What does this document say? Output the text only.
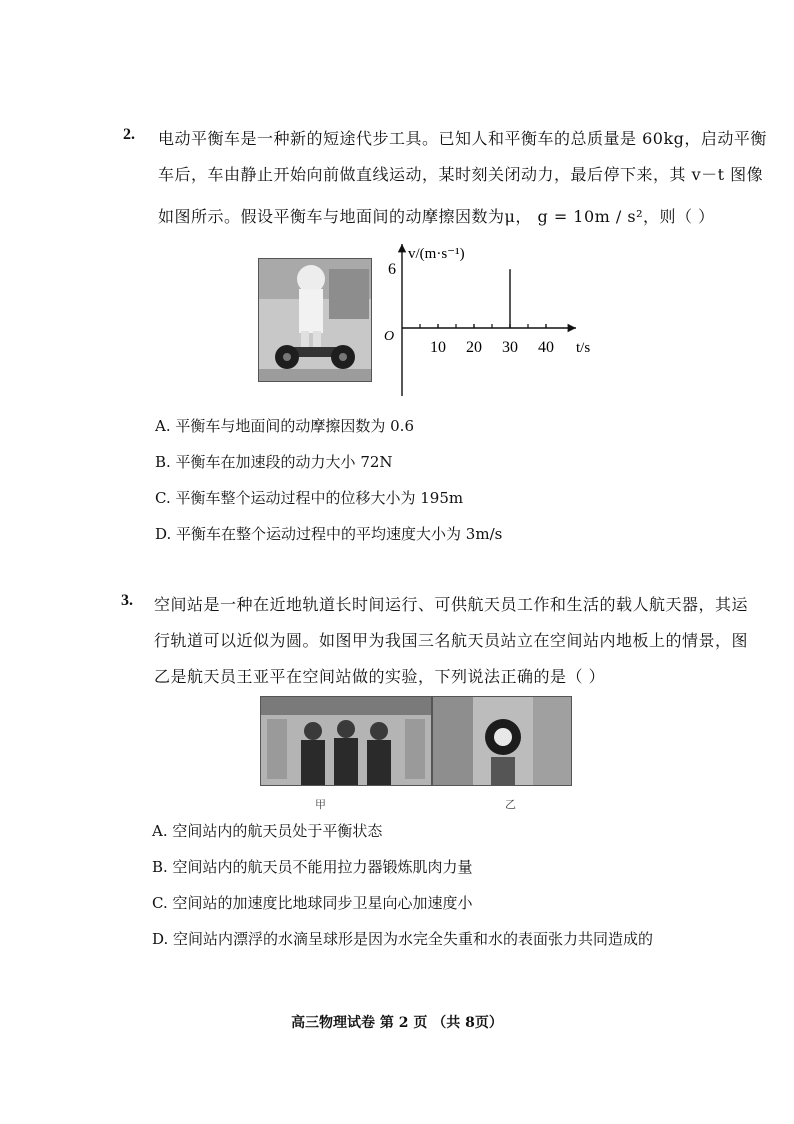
2. 电动平衡车是一种新的短途代步工具。已知人和平衡车的总质量是 60kg，启动平衡
车后，车由静止开始向前做直线运动，某时刻关闭动力，最后停下来，其 v－t 图像
如图所示。假设平衡车与地面间的动摩擦因数为μ， g = 10m / s²，则（ ）
v/(m·s⁻¹)
O
t/s
10 20 30 40
6
A. 平衡车与地面间的动摩擦因数为 0.6
B. 平衡车在加速段的动力大小 72N
C. 平衡车整个运动过程中的位移大小为 195m
D. 平衡车在整个运动过程中的平均速度大小为 3m/s
3. 空间站是一种在近地轨道长时间运行、可供航天员工作和生活的载人航天器，其运
行轨道可以近似为圆。如图甲为我国三名航天员站立在空间站内地板上的情景，图
乙是航天员王亚平在空间站做的实验，下列说法正确的是（ ）
甲	乙
A. 空间站内的航天员处于平衡状态
B. 空间站内的航天员不能用拉力器锻炼肌肉力量
C. 空间站的加速度比地球同步卫星向心加速度小
D. 空间站内漂浮的水滴呈球形是因为水完全失重和水的表面张力共同造成的
高三物理试卷 第 2 页 （共 8页）
